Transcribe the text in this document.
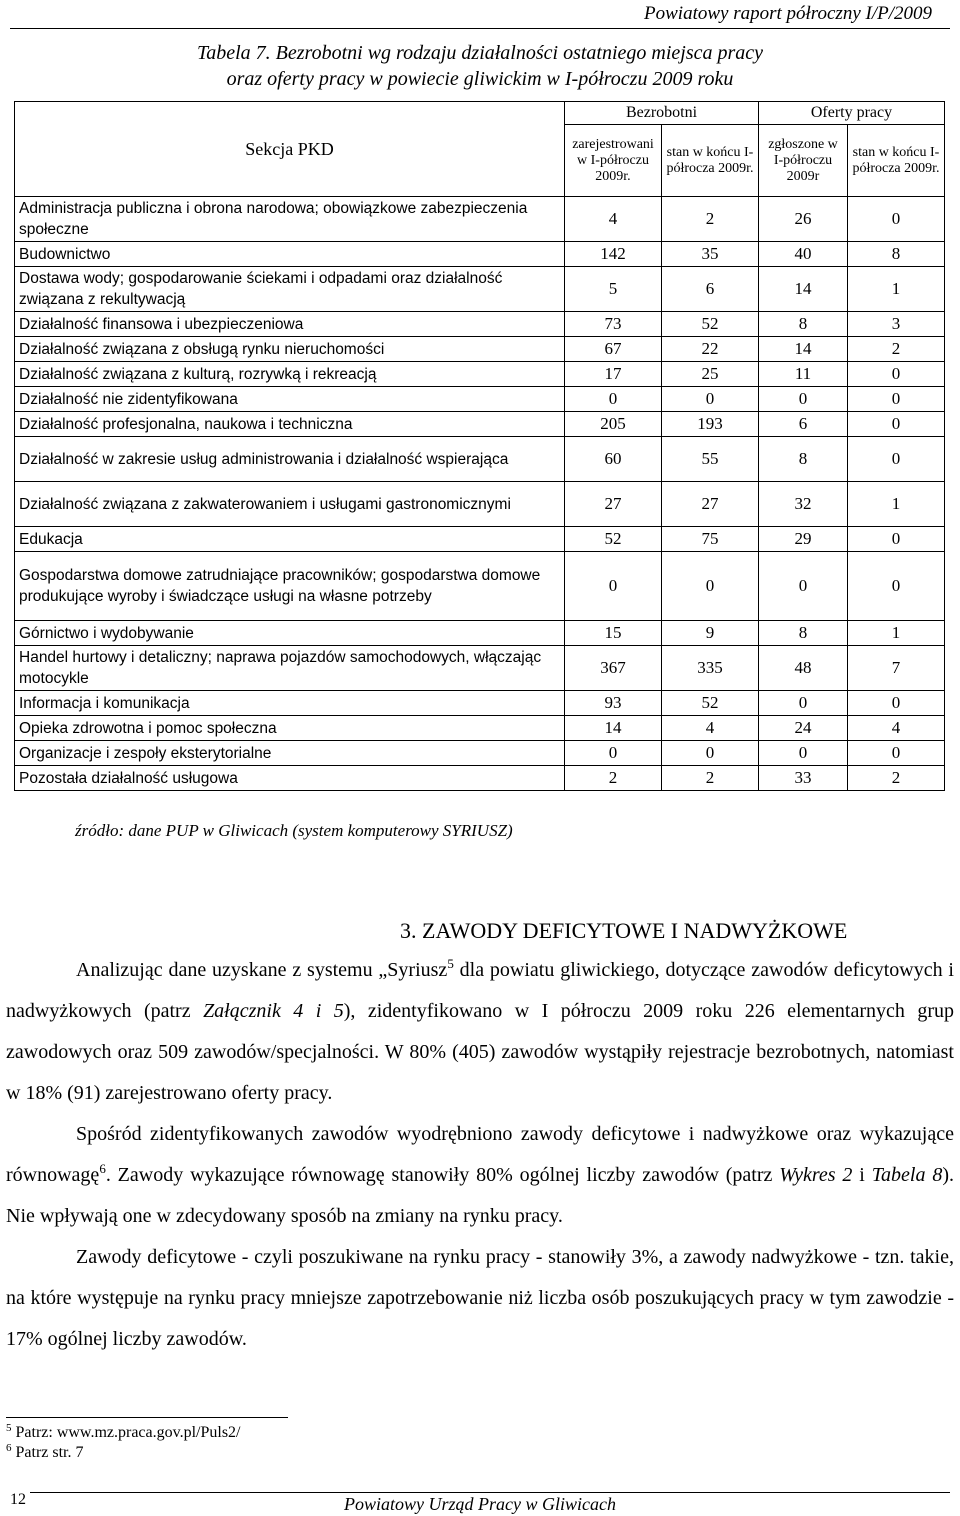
Powiatowy raport półroczny I/P/2009
Tabela 7. Bezrobotni wg rodzaju działalności ostatniego miejsca pracy
oraz oferty pracy w powiecie gliwickim w I-półroczu 2009 roku
Sekcja PKD	Bezrobotni		Oferty pracy	
	zarejestrowani w I-półroczu 2009r.	stan w końcu I-półrocza 2009r.	zgłoszone w I-półroczu 2009r	stan w końcu I-półrocza 2009r.
Administracja publiczna i obrona narodowa; obowiązkowe zabezpieczenia społeczne	4	2	26	0
Budownictwo	142	35	40	8
Dostawa wody; gospodarowanie ściekami i odpadami oraz działalność związana z rekultywacją	5	6	14	1
Działalność finansowa i ubezpieczeniowa	73	52	8	3
Działalność związana z obsługą rynku nieruchomości	67	22	14	2
Działalność związana z kulturą, rozrywką i rekreacją	17	25	11	0
Działalność nie zidentyfikowana	0	0	0	0
Działalność profesjonalna, naukowa i techniczna	205	193	6	0
Działalność w zakresie usług administrowania i działalność wspierająca	60	55	8	0
Działalność związana z zakwaterowaniem i usługami gastronomicznymi	27	27	32	1
Edukacja	52	75	29	0
Gospodarstwa domowe zatrudniające pracowników; gospodarstwa domowe produkujące wyroby i świadczące usługi na własne potrzeby	0	0	0	0
Górnictwo i wydobywanie	15	9	8	1
Handel hurtowy i detaliczny; naprawa pojazdów samochodowych, włączając motocykle	367	335	48	7
Informacja i komunikacja	93	52	0	0
Opieka zdrowotna i pomoc społeczna	14	4	24	4
Organizacje i zespoły eksterytorialne	0	0	0	0
Pozostała działalność usługowa	2	2	33	2
źródło: dane PUP w Gliwicach (system komputerowy SYRIUSZ)
3. ZAWODY DEFICYTOWE I NADWYŻKOWE

Analizując dane uzyskane z systemu „Syriusz$^5$ dla powiatu gliwickiego, dotyczące zawodów deficytowych i nadwyżkowych (patrz Załącznik 4 i 5), zidentyfikowano w I półroczu 2009 roku 226 elementarnych grup zawodowych oraz 509 zawodów/specjalności. W 80% (405) zawodów wystąpiły rejestracje bezrobotnych, natomiast w 18% (91) zarejestrowano oferty pracy.

Spośród zidentyfikowanych zawodów wyodrębniono zawody deficytowe i nadwyżkowe oraz wykazujące równowagę$^6$. Zawody wykazujące równowagę stanowiły 80% ogólnej liczby zawodów (patrz Wykres 2 i Tabela 8). Nie wpływają one w zdecydowany sposób na zmiany na rynku pracy.

Zawody deficytowe - czyli poszukiwane na rynku pracy - stanowiły 3%, a zawody nadwyżkowe - tzn. takie, na które występuje na rynku pracy mniejsze zapotrzebowanie niż liczba osób poszukujących pracy w tym zawodzie - 17% ogólnej liczby zawodów.

$^5$ Patrz: www.mz.praca.gov.pl/Puls2/
$^6$ Patrz str. 7
12	Powiatowy Urząd Pracy w Gliwicach
